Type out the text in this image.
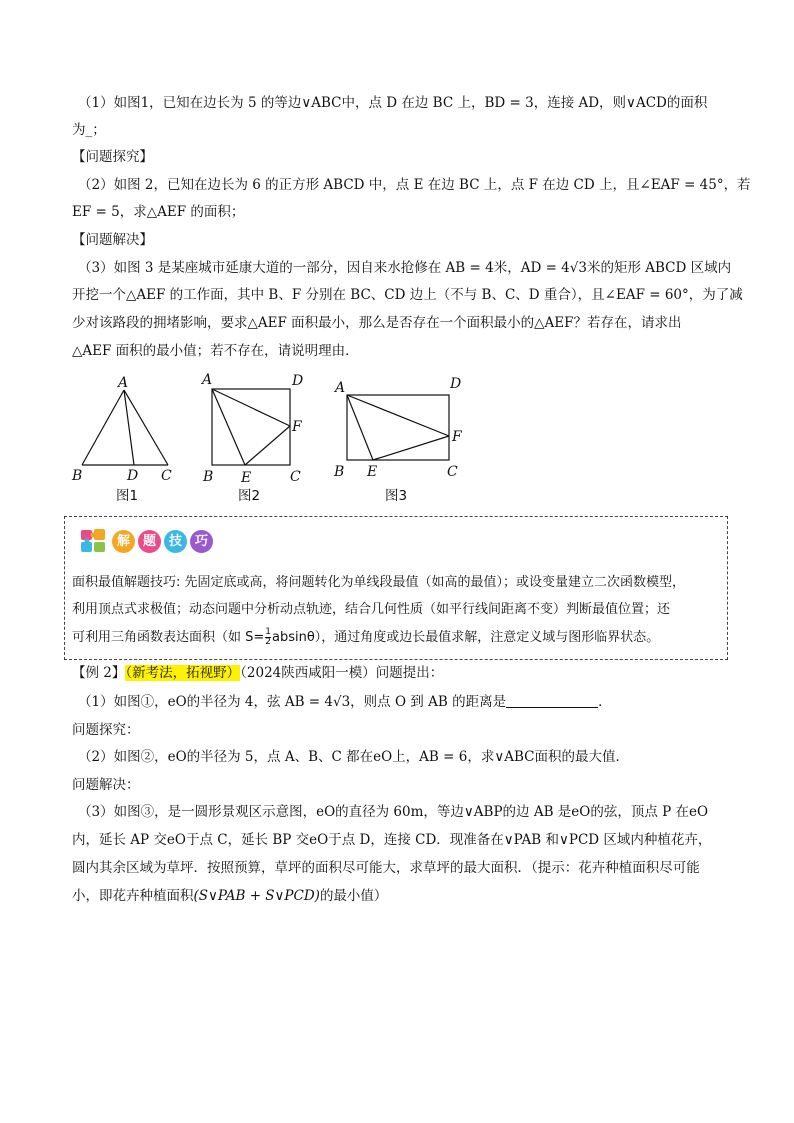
（1）如图1，已知在边长为 5 的等边∨ABC中，点 D 在边 BC 上，BD = 3，连接 AD，则∨ACD的面积
为_；
【问题探究】
（2）如图 2，已知在边长为 6 的正方形 ABCD 中，点 E 在边 BC 上，点 F 在边 CD 上，且∠EAF = 45°，若
EF = 5，求△AEF 的面积；
【问题解决】
（3）如图 3 是某座城市延康大道的一部分，因自来水抢修在 AB = 4米，AD = 4√3米的矩形 ABCD 区域内
开挖一个△AEF 的工作面，其中 B、F 分别在 BC、CD 边上（不与 B、C、D 重合），且∠EAF = 60°，为了减
少对该路段的拥堵影响，要求△AEF 面积最小，那么是否存在一个面积最小的△AEF？若存在，请求出
△AEF 面积的最小值；若不存在，请说明理由．
A
B	D C
A	D
F
B E	C
A	D
F
B E	C
图1	图2	图3
解 题 技 巧
面积最值解题技巧: 先固定底或高，将问题转化为单线段最值（如高的最值）；或设变量建立二次函数模型，
利用顶点式求极值；动态问题中分析动点轨迹，结合几何性质（如平行线间距离不变）判断最值位置；还
可利用三角函数表达面积（如 $S= \frac{1}{2} absin\theta$），通过角度或边长最值求解，注意定义域与图形临界状态。
【例 2】（新考法，拓视野）（2024陕西咸阳一模）问题提出：
（1）如图①，eO的半径为 4，弦 AB = 4√3，则点 O 到 AB 的距离是	．
问题探究：
（2）如图②，eO的半径为 5，点 A、B、C 都在eO上，AB = 6，求∨ABC面积的最大值．
问题解决：
（3）如图③，是一圆形景观区示意图，eO的直径为 60m，等边∨ABP的边 AB 是eO的弦，顶点 P 在eO
内，延长 AP 交eO于点 C，延长 BP 交eO于点 D，连接 CD．现准备在∨PAB 和∨PCD 区域内种植花卉，
圆内其余区域为草坪．按照预算，草坪的面积尽可能大，求草坪的最大面积．（提示：花卉种植面积尽可能
小，即花卉种植面积(S∨PAB + S∨PCD)的最小值）
